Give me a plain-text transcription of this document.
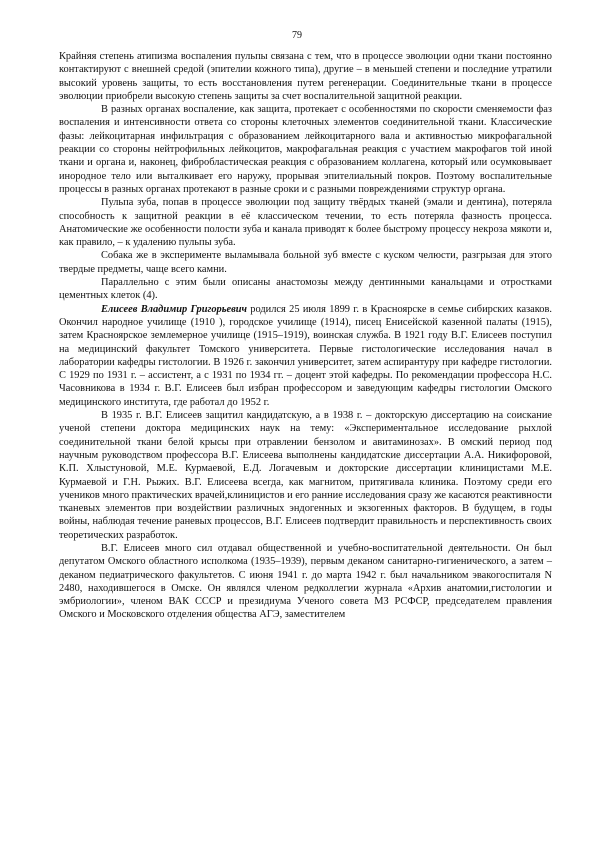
79

Крайняя степень атипизма воспаления пульпы связана с тем, что в процессе эволюции одни ткани постоянно контактируют с внешней средой (эпителии кожного типа), другие – в меньшей степени и последние утратили высокий уровень защиты, то есть восстановления путем регенерации. Соединительные ткани в процессе эволюции приобрели высокую степень защиты за счет воспалительной защитной реакции.

В разных органах воспаление, как защита, протекает с особенностями по скорости сменяемости фаз воспаления и интенсивности ответа со стороны клеточных элементов соединительной ткани. Классические фазы: лейкоцитарная инфильтрация с образованием лейкоцитарного вала и активностью микрофагальной реакции со стороны нейтрофильных лейкоцитов, макрофагальная реакция с участием макрофагов той иной ткани и органа и, наконец, фибробластическая реакция с образованием коллагена, который или осумковывает инородное тело или выталкивает его наружу, прорывая эпителиальный покров. Поэтому воспалительные процессы в разных органах протекают в разные сроки и с разными повреждениями структур органа.

Пульпа зуба, попав в процессе эволюции под защиту твёрдых тканей (эмали и дентина), потеряла способность к защитной реакции в её классическом течении, то есть потеряла фазность процесса. Анатомические же особенности полости зуба и канала приводят к более быстрому процессу некроза мякоти и, как правило, – к удалению пульпы зуба.

Собака же в эксперименте выламывала больной зуб вместе с куском челюсти, разгрызая для этого твердые предметы, чаще всего камни.

Параллельно с этим были описаны анастомозы между дентинными канальцами и отростками цементных клеток (4).

Елисеев Владимир Григорьевич родился 25 июля 1899 г. в Красноярске в семье сибирских казаков. Окончил народное училище (1910 ), городское училище (1914), писец Енисейской казенной палаты (1915), затем Красноярское землемерное училище (1915–1919), воинская служба. В 1921 году В.Г. Елисеев поступил на медицинский факультет Томского университета. Первые гистологические исследования начал в лаборатории кафедры гистологии. В 1926 г. закончил университет, затем аспирантуру при кафедре гистологии. С 1929 по 1931 г. – ассистент, а с 1931 по 1934 гг. – доцент этой кафедры. По рекомендации профессора Н.С. Часовникова в 1934 г. В.Г. Елисеев был избран профессором и заведующим кафедры гистологии Омского медицинского института, где работал до 1952 г.

В 1935 г. В.Г. Елисеев защитил кандидатскую, а в 1938 г. – докторскую диссертацию на соискание ученой степени доктора медицинских наук на тему: «Экспериментальное исследование рыхлой соединительной ткани белой крысы при отравлении бензолом и авитаминозах». В омский период под научным руководством профессора В.Г. Елисеева выполнены кандидатские диссертации А.А. Никифоровой, К.П. Хлыстуновой, М.Е. Курмаевой, Е.Д. Логачевым и докторские диссертации клиницистами М.Е. Курмаевой и Г.Н. Рыжих. В.Г. Елисеева всегда, как магнитом, притягивала клиника. Поэтому среди его учеников много практических врачей,клиницистов и его ранние исследования сразу же касаются реактивности тканевых элементов при воздействии различных эндогенных и экзогенных факторов. В будущем, в годы войны, наблюдая течение раневых процессов, В.Г. Елисеев подтвердит правильность и перспективность своих теоретических разработок.

В.Г. Елисеев много сил отдавал общественной и учебно-воспитательной деятельности. Он был депутатом Омского областного исполкома (1935–1939), первым деканом санитарно-гигиенического, а затем – деканом педиатрического факультетов. С июня 1941 г. до марта 1942 г. был начальником эвакогоспиталя N 2480, находившегося в Омске. Он являлся членом редколлегии журнала «Архив анатомии,гистологии и эмбриологии», членом ВАК СССР и президиума Ученого совета МЗ РСФСР, председателем правления Омского и Московского отделения общества АГЭ, заместителем
